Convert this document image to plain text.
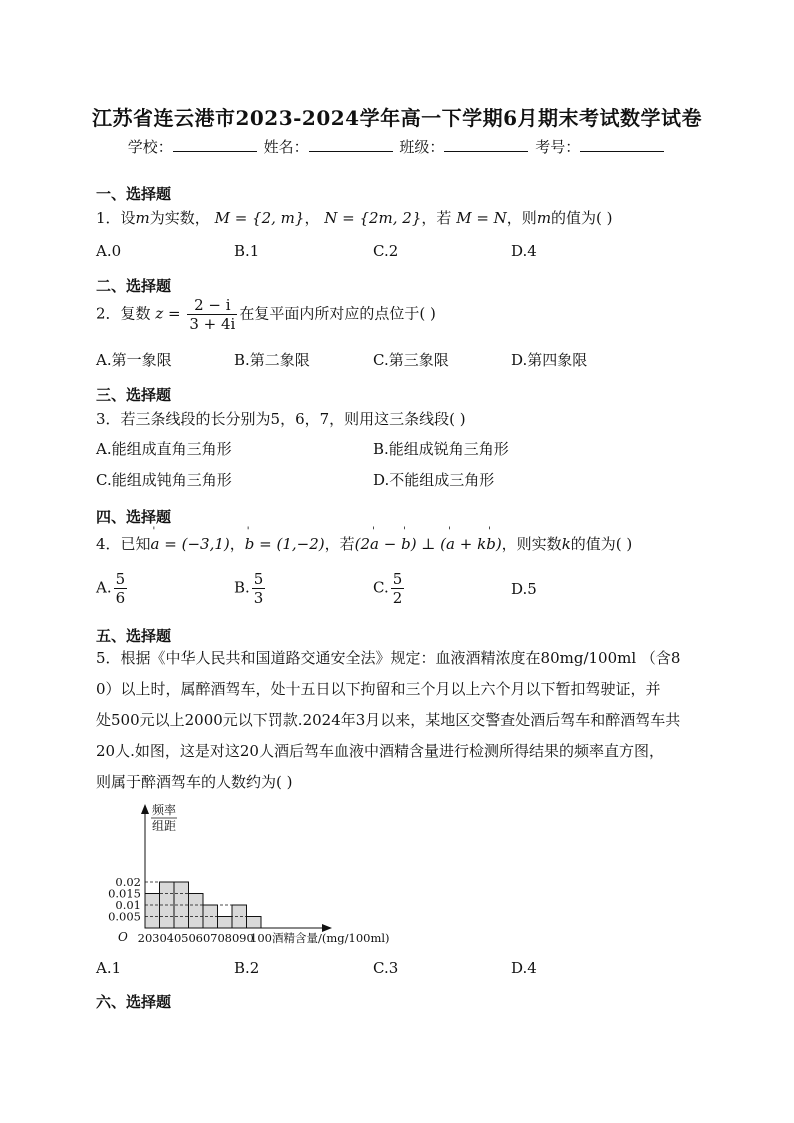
江苏省连云港市2023-2024学年高一下学期6月期末考试数学试卷
学校：	姓名：	班级：	考号：
一、选择题
1．设m为实数， M = {2, m}， N = {2m, 2}，若 M = N，则m的值为( )
A.0	B.1	C.2	D.4
二、选择题
2．复数 $z = \frac{2 - i}{3 + 4i}$ 在复平面内所对应的点位于( )
A.第一象限	B.第二象限	C.第三象限	D.第四象限
三、选择题
3．若三条线段的长分别为5，6，7，则用这三条线段( )
A.能组成直角三角形	B.能组成锐角三角形
C.能组成钝角三角形	D.不能组成三角形
四、选择题
4．已知' a = (−3,1)，' b = (1,−2)，若(2' a − ' b) ⊥ (' a + k' b)，则实数k的值为( )
A. $\frac{5}{6}$	B. $\frac{5}{3}$	C. $\frac{5}{2}$	D.5
五、选择题
5．根据《中华人民共和国道路交通安全法》规定：血液酒精浓度在80mg/100ml （含8
0）以上时，属醉酒驾车，处十五日以下拘留和三个月以上六个月以下暂扣驾驶证，并
处500元以上2000元以下罚款.2024年3月以来，某地区交警查处酒后驾车和醉酒驾车共
20人.如图，这是对这20人酒后驾车血液中酒精含量进行检测所得结果的频率直方图，
则属于醉酒驾车的人数约为( )
0.005
0.01
0.015
0.02
20 30 40 50 60 70 80 90
100
O
频率
组距
酒精含量/(mg/100ml)
A.1	B.2	C.3	D.4
六、选择题
